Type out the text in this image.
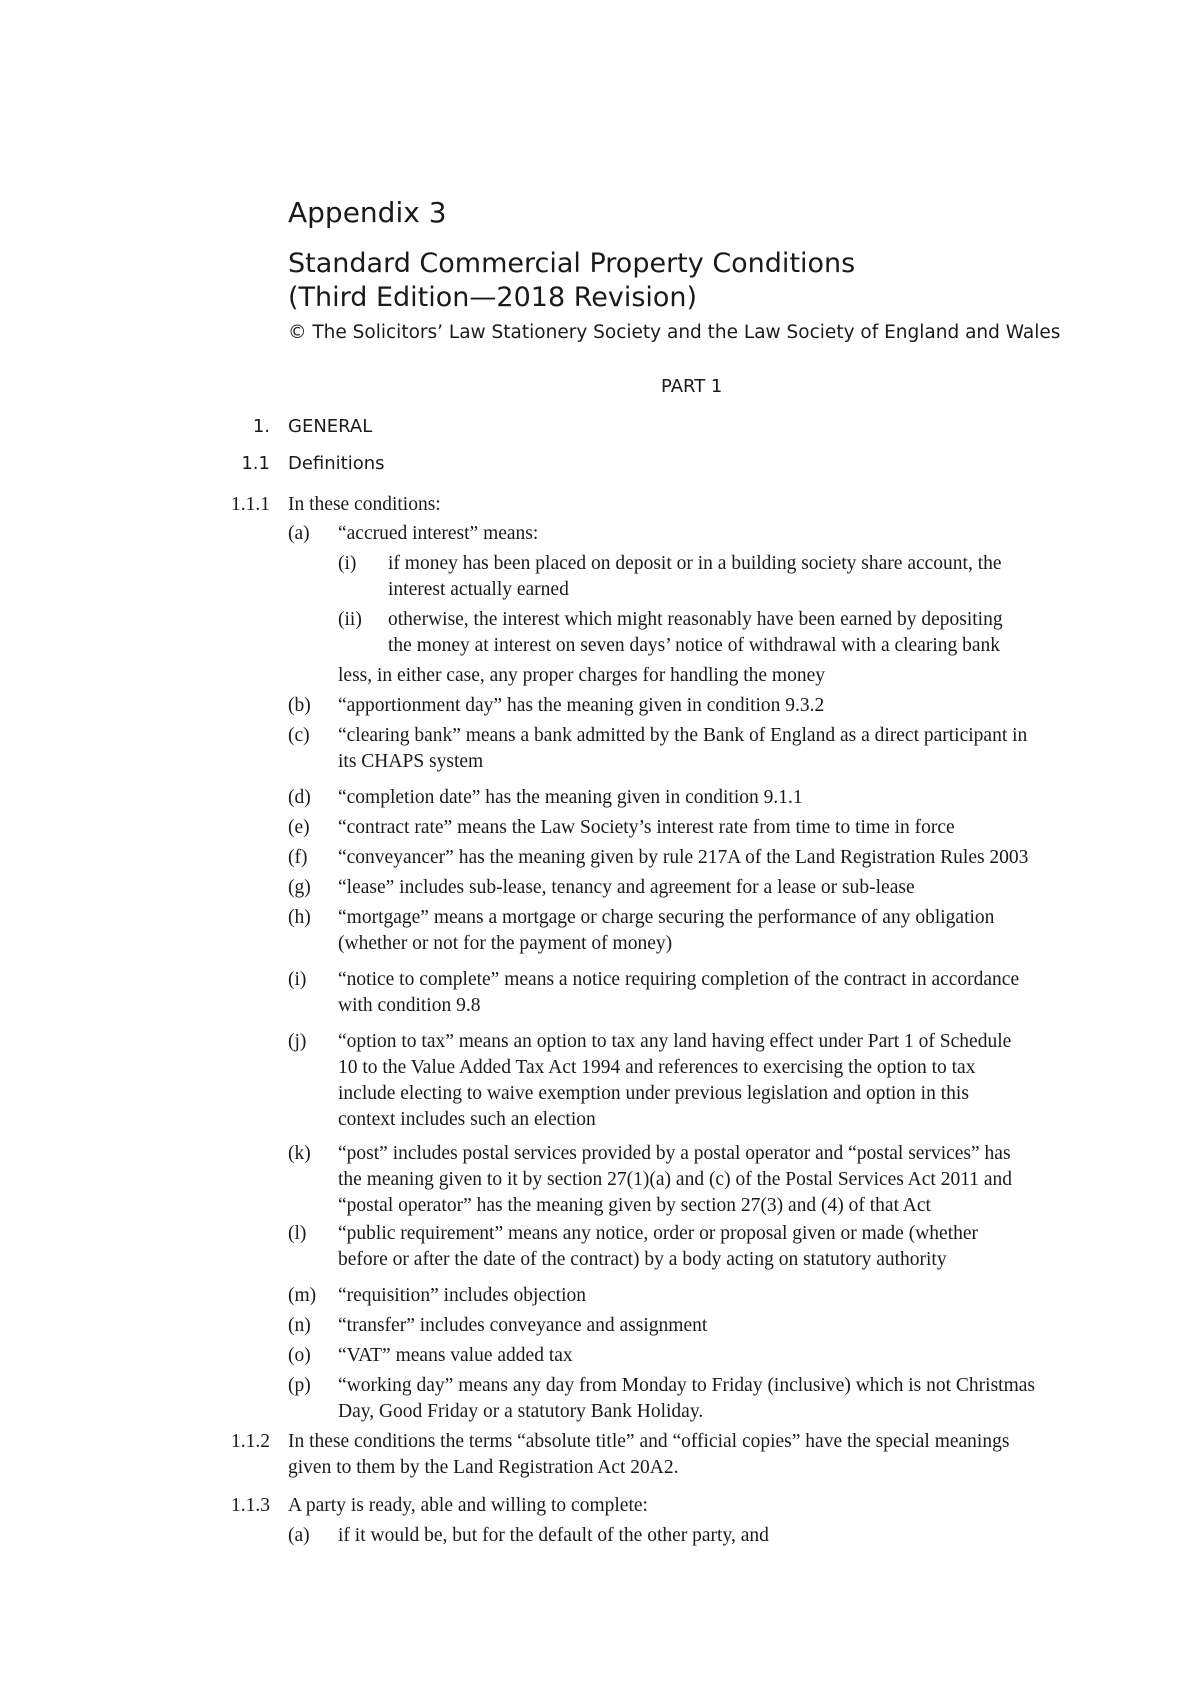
Appendix 3
Standard Commercial Property Conditions
(Third Edition—2018 Revision)
© The Solicitors’ Law Stationery Society and the Law Society of England and Wales
PART 1
1. GENERAL
1.1 Definitions
1.1.1 In these conditions:
(a) “accrued interest” means:
(i) if money has been placed on deposit or in a building society share account, the
interest actually earned
(ii) otherwise, the interest which might reasonably have been earned by depositing
the money at interest on seven days’ notice of withdrawal with a clearing bank
less, in either case, any proper charges for handling the money
(b) “apportionment day” has the meaning given in condition 9.3.2
(c) “clearing bank” means a bank admitted by the Bank of England as a direct participant in
its CHAPS system
(d) “completion date” has the meaning given in condition 9.1.1
(e) “contract rate” means the Law Society’s interest rate from time to time in force
(f) “conveyancer” has the meaning given by rule 217A of the Land Registration Rules 2003
(g) “lease” includes sub-lease, tenancy and agreement for a lease or sub-lease
(h) “mortgage” means a mortgage or charge securing the performance of any obligation
(whether or not for the payment of money)
(i) “notice to complete” means a notice requiring completion of the contract in accordance
with condition 9.8
(j) “option to tax” means an option to tax any land having effect under Part 1 of Schedule
10 to the Value Added Tax Act 1994 and references to exercising the option to tax
include electing to waive exemption under previous legislation and option in this
context includes such an election
(k) “post” includes postal services provided by a postal operator and “postal services” has
the meaning given to it by section 27(1)(a) and (c) of the Postal Services Act 2011 and
“postal operator” has the meaning given by section 27(3) and (4) of that Act
(l) “public requirement” means any notice, order or proposal given or made (whether
before or after the date of the contract) by a body acting on statutory authority
(m) “requisition” includes objection
(n) “transfer” includes conveyance and assignment
(o) “VAT” means value added tax
(p) “working day” means any day from Monday to Friday (inclusive) which is not Christmas
Day, Good Friday or a statutory Bank Holiday.
1.1.2 In these conditions the terms “absolute title” and “official copies” have the special meanings
given to them by the Land Registration Act 20A2.
1.1.3 A party is ready, able and willing to complete:
(a) if it would be, but for the default of the other party, and
